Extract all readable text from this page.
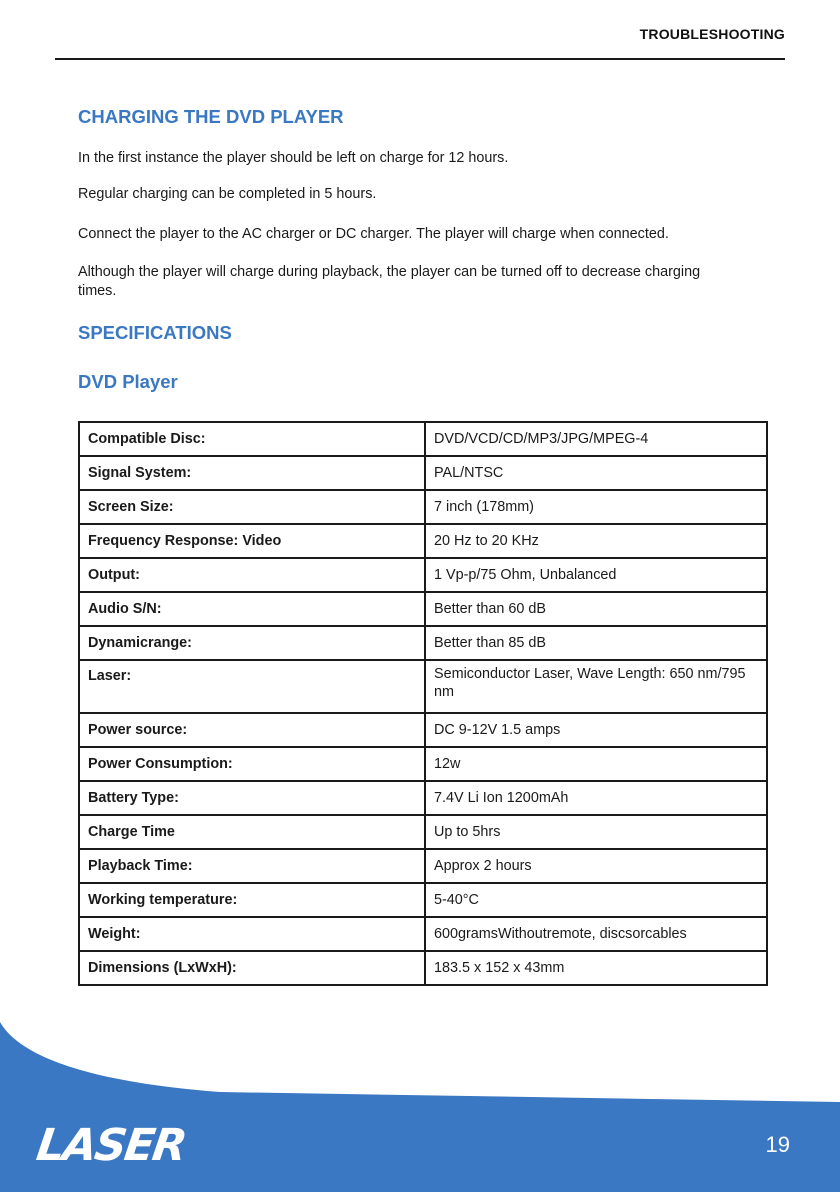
TROUBLESHOOTING
CHARGING THE DVD PLAYER

In the first instance the player should be left on charge for 12 hours.

Regular charging can be completed in 5 hours.

Connect the player to the AC charger or DC charger. The player will charge when connected.

Although the player will charge during playback, the player can be turned off to decrease charging times.

SPECIFICATIONS
DVD Player
Compatible Disc:	DVD/VCD/CD/MP3/JPG/MPEG-4
Signal System:	PAL/NTSC
Screen Size:	7 inch (178mm)
Frequency Response: Video	20 Hz to 20 KHz
Output:	1 Vp-p/75 Ohm, Unbalanced
Audio S/N:	Better than 60 dB
Dynamicrange:	Better than 85 dB
Laser:	Semiconductor Laser, Wave Length: 650 nm/795 nm
Power source:	DC 9-12V 1.5 amps
Power Consumption:	12w
Battery Type:	7.4V Li Ion 1200mAh
Charge Time	Up to 5hrs
Playback Time:	Approx 2 hours
Working temperature:	5-40°C
Weight:	600gramsWithoutremote, discsorcables
Dimensions (LxWxH):	183.5 x 152 x 43mm
LASER	19
